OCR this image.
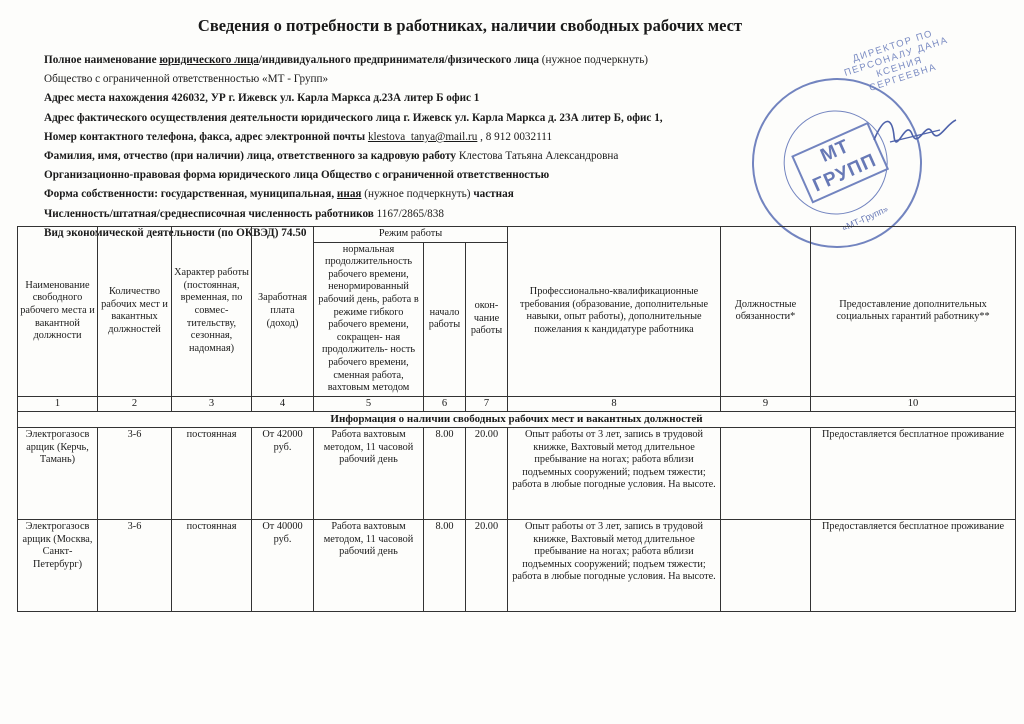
Сведения о потребности в работниках, наличии свободных рабочих мест
Полное наименование юридического лица/индивидуального предпринимателя/физического лица (нужное подчеркнуть)
Общество с ограниченной ответственностью «МТ - Групп»
Адрес места нахождения 426032, УР г. Ижевск ул. Карла Маркса д.23А литер Б офис 1
Адрес фактического осуществления деятельности юридического лица г. Ижевск ул. Карла Маркса д. 23А литер Б, офис 1,
Номер контактного телефона, факса, адрес электронной почты klestova_tanya@mail.ru , 8 912 0032111
Фамилия, имя, отчество (при наличии) лица, ответственного за кадровую работу Клестова Татьяна Александровна
Организационно-правовая форма юридического лица Общество с ограниченной ответственностью
Форма собственности: государственная, муниципальная, иная (нужное подчеркнуть) частная
Численность/штатная/среднесписочная численность работников 1167/2865/838
Вид экономической деятельности (по ОКВЭД) 74.50
ДИРЕКТОР ПО ПЕРСОНАЛУ ДАНА КСЕНИЯ СЕРГЕЕВНА
МТ ГРУПП
«МТ-Групп»
Наименование свободного рабочего места и вакантной должности	Количество рабочих мест и вакантных должностей	Характер работы (постоянная, временная, по совмес- тительству, сезонная, надомная)	Заработная плата (доход)	Режим работы			Профессионально-квалификационные требования (образование, дополнительные навыки, опыт работы), дополнительные пожелания к кандидатуре работника	Должностные обязанности*	Предоставление дополнительных социальных гарантий работнику**
				нормальная продолжительность рабочего времени, ненормированный рабочий день, работа в режиме гибкого рабочего времени, сокращен- ная продолжитель- ность рабочего времени, сменная работа, вахтовым методом	начало работы	окон- чание работы			
1	2	3	4	5	6	7	8	9	10
Информация о наличии свободных рабочих мест и вакантных должностей									
Электрогазосв арщик (Керчь, Тамань)	3-6	постоянная	От 42000 руб.	Работа вахтовым методом, 11 часовой рабочий день	8.00	20.00	Опыт работы от 3 лет, запись в трудовой книжке, Вахтовый метод длительное пребывание на ногах; работа вблизи подъемных сооружений; подъем тяжести; работа в любые погодные условия. На высоте.		Предоставляется бесплатное проживание
Электрогазосв арщик (Москва, Санкт-Петербург)	3-6	постоянная	От 40000 руб.	Работа вахтовым методом, 11 часовой рабочий день	8.00	20.00	Опыт работы от 3 лет, запись в трудовой книжке, Вахтовый метод длительное пребывание на ногах; работа вблизи подъемных сооружений; подъем тяжести; работа в любые погодные условия. На высоте.		Предоставляется бесплатное проживание
